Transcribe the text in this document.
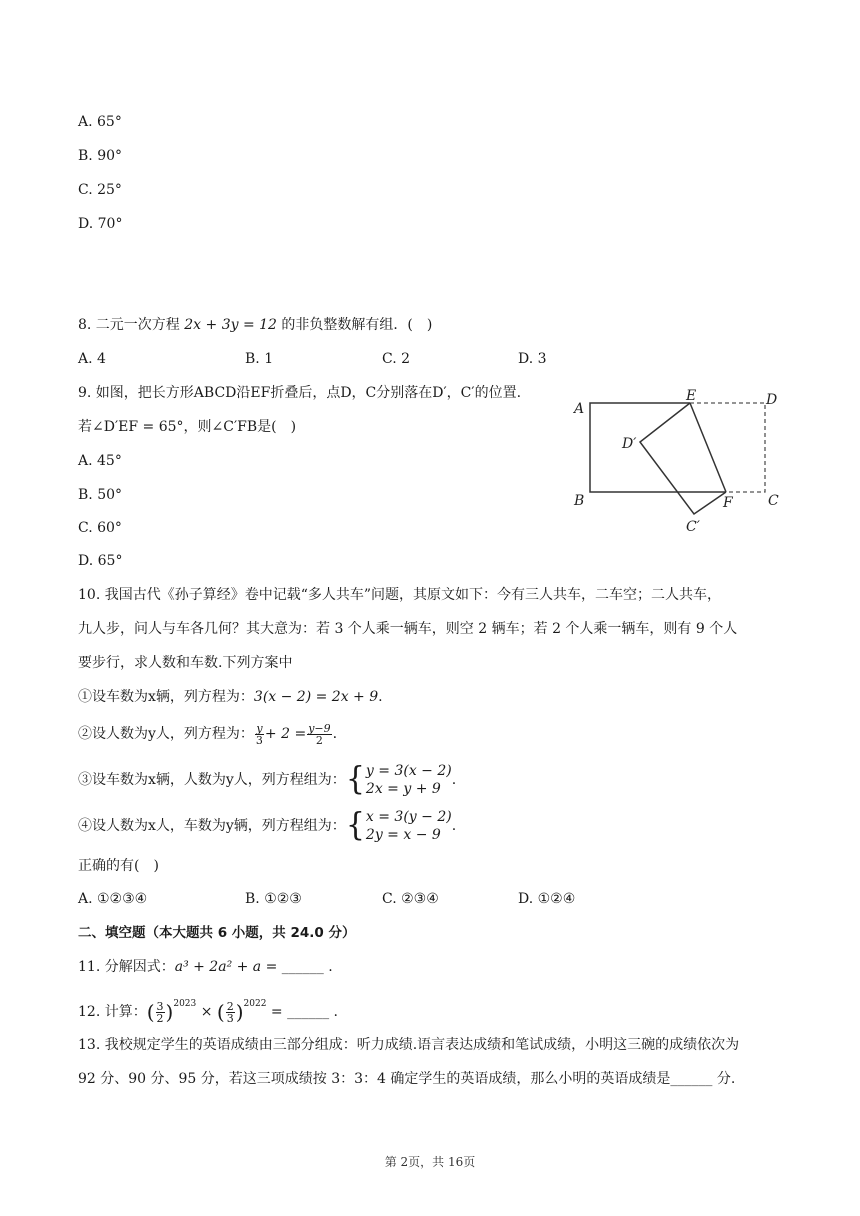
A. 65°
B. 90°
C. 25°
D. 70°
8. 二元一次方程 2x + 3y = 12 的非负整数解有组．(　)
A. 4	B. 1	C. 2	D. 3
9. 如图，把长方形ABCD沿EF折叠后，点D，C分别落在D′，C′的位置.
若∠D′EF = 65°，则∠C′FB是(　)
A. 45°
B. 50°
C. 60°
D. 65°
A
B	C
D
E
F
D′
C′
10. 我国古代《孙子算经》卷中记载“多人共车”问题，其原文如下：今有三人共车，二车空；二人共车，
九人步，问人与车各几何？其大意为：若 3 个人乘一辆车，则空 2 辆车；若 2 个人乘一辆车，则有 9 个人
要步行，求人数和车数.下列方案中
①设车数为x辆，列方程为：3(x − 2) = 2x + 9.
②设人数为y人，列方程为： $\frac{y}{3} + 2 = \frac{y-9}{2}$ .
③设车数为x辆，人数为y人，列方程组为：{ y = 3(x − 2)
2x = y + 9
.
④设人数为x人，车数为y辆，列方程组为：{ x = 3(y − 2)
2y = x − 9
.
正确的有(　)
A. ①②③④	B. ①②③	C. ②③④	D. ①②④
二、填空题（本大题共 6 小题，共 24.0 分）
11. 分解因式：a³ + 2a² + a = ______ .
12. 计算：( $\frac{3}{2} )^{2023}$ × ( $\frac{2}{3} )^{2022}$ = ______ .
13. 我校规定学生的英语成绩由三部分组成：听力成绩.语言表达成绩和笔试成绩，小明这三碗的成绩依次为
92 分、90 分、95 分，若这三项成绩按 3：3：4 确定学生的英语成绩，那么小明的英语成绩是______ 分.
第 2页，共 16页
